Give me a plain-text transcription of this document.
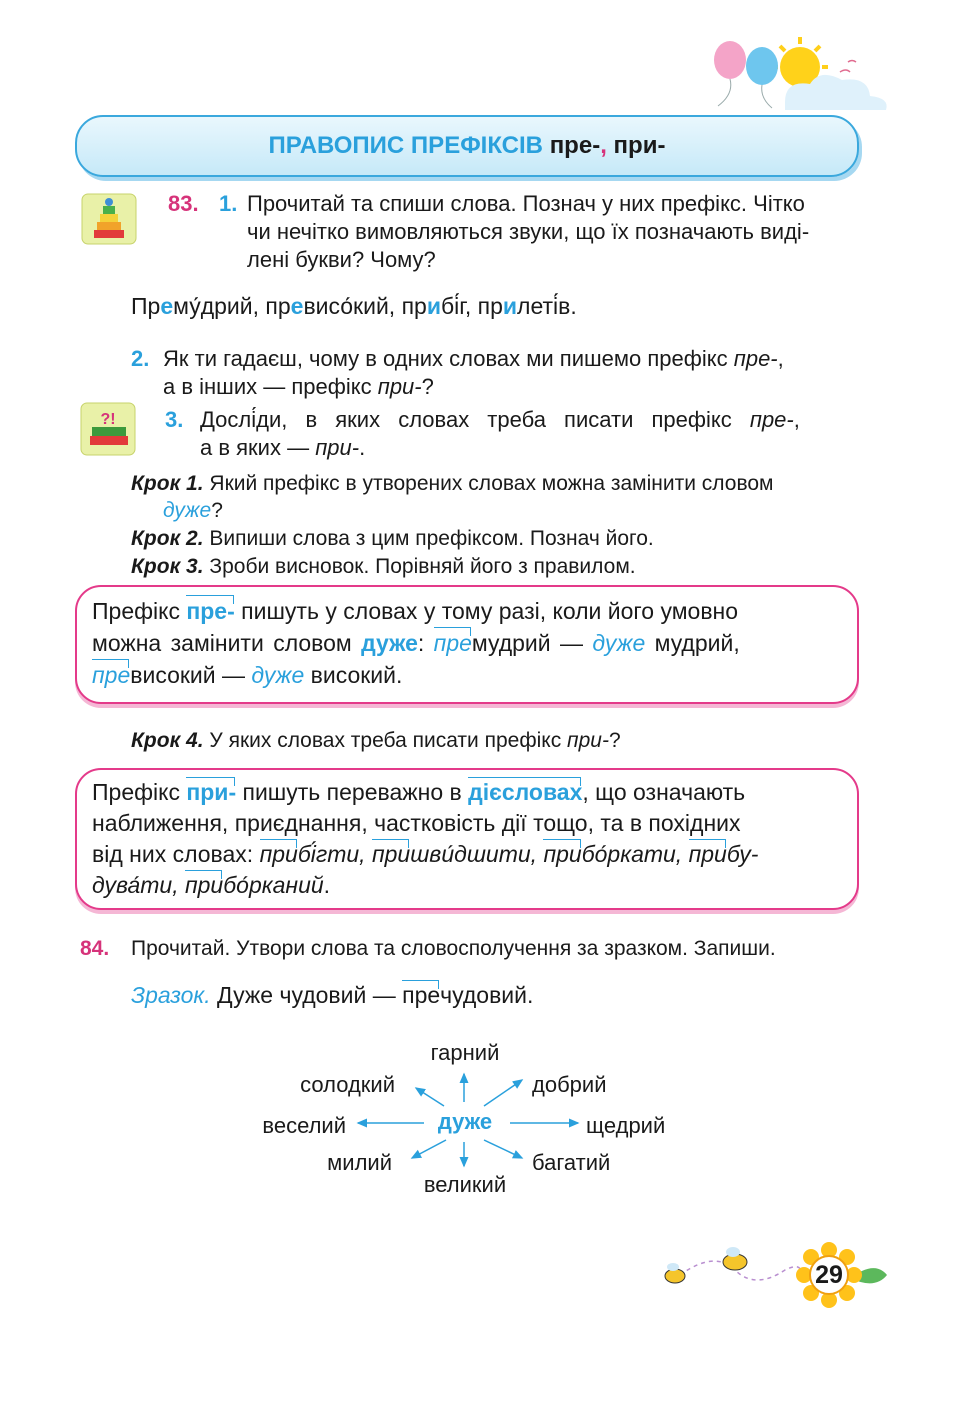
ПРАВОПИС ПРЕФІКСІВ пре-, при-
83. 1. Прочитай та спиши слова. Познач у них префікс. Чітко
чи нечітко вимовляються звуки, що їх позначають виді-
лені букви? Чому?
Прему́дрий, превисо́кий, прибі́г, прилеті́в.
2. Як ти гадаєш, чому в одних словах ми пишемо префікс пре-,
а в інших — префікс при-?
?! 3. Дослі́ди, в яких словах треба писати префікс пре-,
а в яких — при-.
Крок 1. Який префікс в утворених словах можна замінити словом
дуже?
Крок 2. Випиши слова з цим префіксом. Познач його.
Крок 3. Зроби висновок. Порівняй його з правилом.
Префікс пре- пишуть у словах у тому разі, коли його умовно
можна замінити словом дуже: премудрий — дуже мудрий,
превисокий — дуже високий.
Крок 4. У яких словах треба писати префікс при-?
Префікс при- пишуть переважно в дієсловах, що означають
наближення, приєднання, частковість дії тощо, та в похідних
від них словах: прибі́гти, пришви́дшити, прибо́ркати, прибу-
дува́ти, прибо́рканий.
84. Прочитай. Утвори слова та словосполучення за зразком. Запиши.
Зразок. Дуже чудовий — пречудовий.
дуже
гарний
солодкий	добрий
веселий	щедрий
милий	багатий
великий
29
